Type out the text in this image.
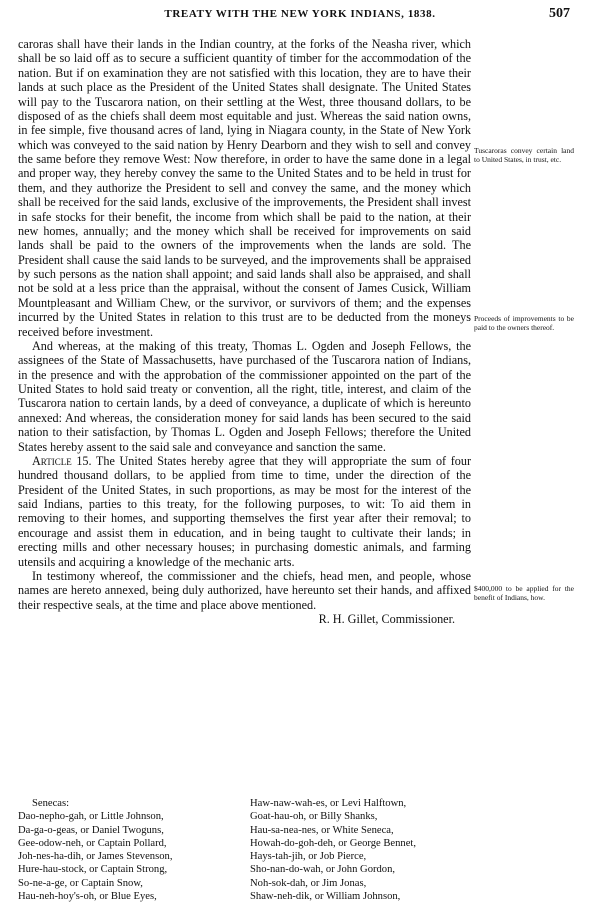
TREATY WITH THE NEW YORK INDIANS, 1838.	507

caroras shall have their lands in the Indian country, at the forks of the Neasha river, which shall be so laid off as to secure a sufficient quantity of timber for the accommodation of the nation. But if on examination they are not satisfied with this location, they are to have their lands at such place as the President of the United States shall designate. The United States will pay to the Tuscarora nation, on their settling at the West, three thousand dollars, to be disposed of as the chiefs shall deem most equitable and just. Whereas the said nation owns, in fee simple, five thousand acres of land, lying in Niagara county, in the State of New York which was conveyed to the said nation by Henry Dearborn and they wish to sell and convey the same before they remove West: Now therefore, in order to have the same done in a legal and proper way, they hereby convey the same to the United States and to be held in trust for them, and they authorize the President to sell and convey the same, and the money which shall be received for the said lands, exclusive of the improvements, the President shall invest in safe stocks for their benefit, the income from which shall be paid to the nation, at their new homes, annually; and the money which shall be received for improvements on said lands shall be paid to the owners of the improvements when the lands are sold. The President shall cause the said lands to be surveyed, and the improvements shall be appraised by such persons as the nation shall appoint; and said lands shall also be appraised, and shall not be sold at a less price than the appraisal, without the consent of James Cusick, William Mountpleasant and William Chew, or the survivor, or survivors of them; and the expenses incurred by the United States in relation to this trust are to be deducted from the moneys received before investment.

And whereas, at the making of this treaty, Thomas L. Ogden and Joseph Fellows, the assignees of the State of Massachusetts, have purchased of the Tuscarora nation of Indians, in the presence and with the approbation of the commissioner appointed on the part of the United States to hold said treaty or convention, all the right, title, interest, and claim of the Tuscarora nation to certain lands, by a deed of conveyance, a duplicate of which is hereunto annexed: And whereas, the consideration money for said lands has been secured to the said nation to their satisfaction, by Thomas L. Ogden and Joseph Fellows; therefore the United States hereby assent to the said sale and conveyance and sanction the same.

Article 15. The United States hereby agree that they will appropriate the sum of four hundred thousand dollars, to be applied from time to time, under the direction of the President of the United States, in such proportions, as may be most for the interest of the said Indians, parties to this treaty, for the following purposes, to wit: To aid them in removing to their homes, and supporting themselves the first year after their removal; to encourage and assist them in education, and in being taught to cultivate their lands; in erecting mills and other necessary houses; in purchasing domestic animals, and farming utensils and acquiring a knowledge of the mechanic arts.

In testimony whereof, the commissioner and the chiefs, head men, and people, whose names are hereto annexed, being duly authorized, have hereunto set their hands, and affixed their respective seals, at the time and place above mentioned.

R. H. Gillet, Commissioner.

Tuscaroras convey certain land to United States, in trust, etc.
Proceeds of improvements to be paid to the owners thereof.
$400,000 to be applied for the benefit of Indians, how.
Senecas:
Dao-nepho-gah, or Little Johnson,
Da-ga-o-geas, or Daniel Twoguns,
Gee-odow-neh, or Captain Pollard,
Joh-nes-ha-dih, or James Stevenson,
Hure-hau-stock, or Captain Strong,
So-ne-a-ge, or Captain Snow,
Hau-neh-hoy's-oh, or Blue Eyes,
Haw-naw-wah-es, or Levi Halftown,
Goat-hau-oh, or Billy Shanks,
Hau-sa-nea-nes, or White Seneca,
Howah-do-goh-deh, or George Bennet,
Hays-tah-jih, or Job Pierce,
Sho-nan-do-wah, or John Gordon,
Noh-sok-dah, or Jim Jonas,
Shaw-neh-dik, or William Johnson,
